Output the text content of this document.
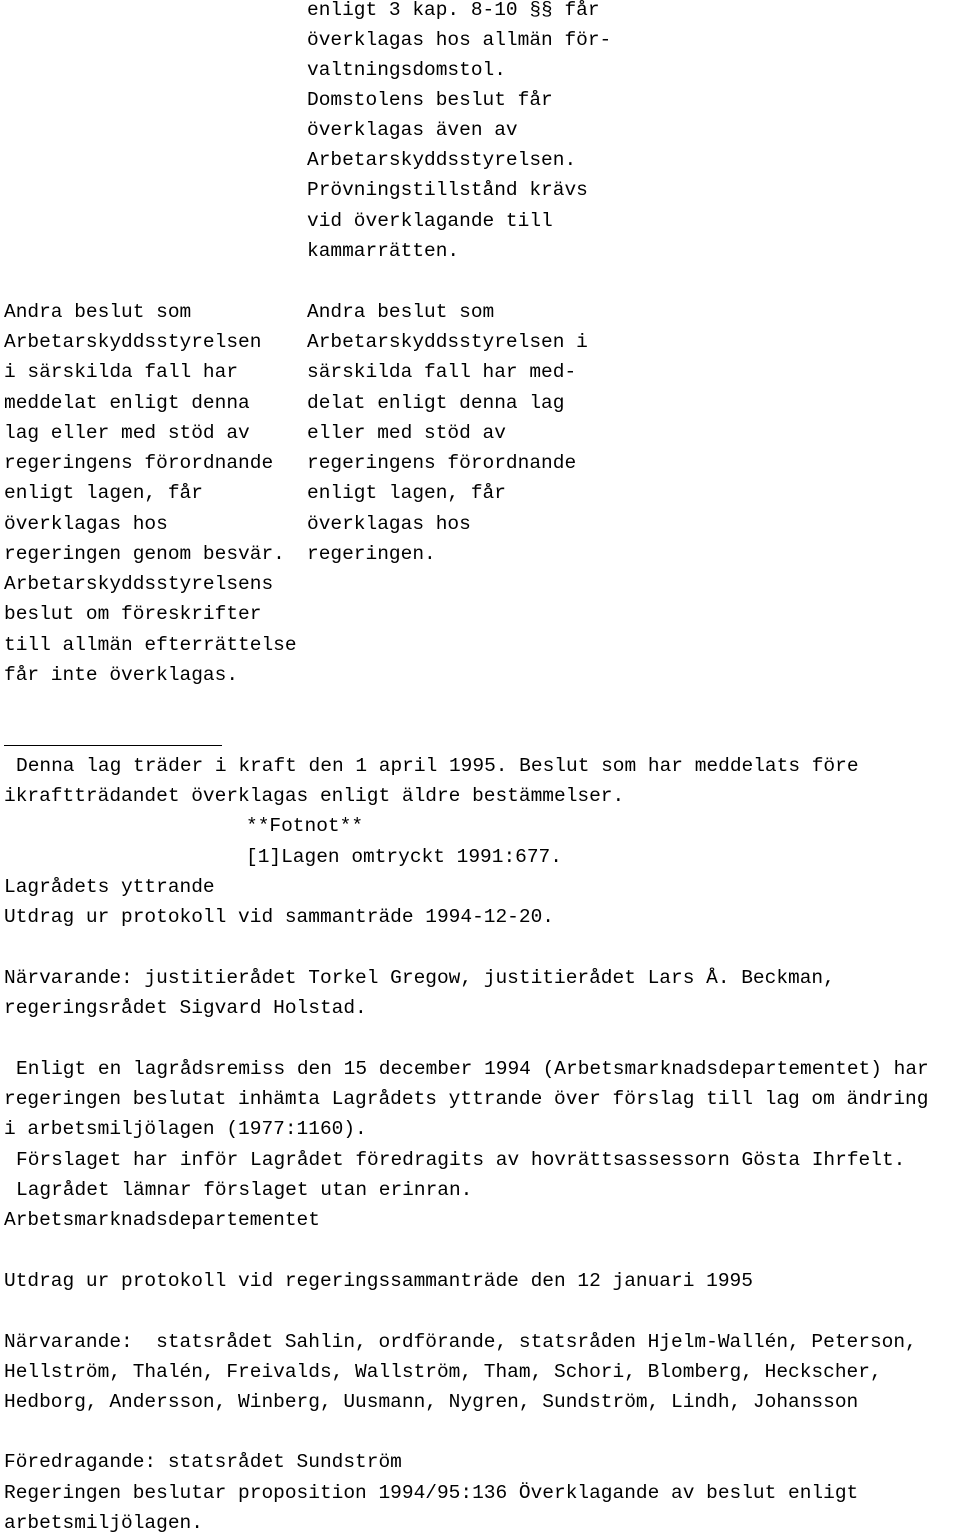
enligt 3 kap. 8-10 §§ får
överklagas hos allmän för-
valtningsdomstol.
Domstolens beslut får
överklagas även av
Arbetarskyddsstyrelsen.
Prövningstillstånd krävs
vid överklagande till
kammarrätten.
Andra beslut som
Arbetarskyddsstyrelsen
i särskilda fall har
meddelat enligt denna
lag eller med stöd av
regeringens förordnande
enligt lagen, får
överklagas hos
regeringen genom besvär.
Arbetarskyddsstyrelsens
beslut om föreskrifter
till allmän efterrättelse
får inte överklagas.
Andra beslut som
Arbetarskyddsstyrelsen i
särskilda fall har med-
delat enligt denna lag
eller med stöd av
regeringens förordnande
enligt lagen, får
överklagas hos
regeringen.
Denna lag träder i kraft den 1 april 1995. Beslut som har meddelats före
ikraftträdandet överklagas enligt äldre bestämmelser.
**Fotnot**
[1]Lagen omtryckt 1991:677.
Lagrådets yttrande
Utdrag ur protokoll vid sammanträde 1994-12-20.
Närvarande: justitierådet Torkel Gregow, justitierådet Lars Å. Beckman,
regeringsrådet Sigvard Holstad.
Enligt en lagrådsremiss den 15 december 1994 (Arbetsmarknadsdepartementet) har
regeringen beslutat inhämta Lagrådets yttrande över förslag till lag om ändring
i arbetsmiljölagen (1977:1160).
Förslaget har inför Lagrådet föredragits av hovrättsassessorn Gösta Ihrfelt.
Lagrådet lämnar förslaget utan erinran.
Arbetsmarknadsdepartementet
Utdrag ur protokoll vid regeringssammanträde den 12 januari 1995
Närvarande:  statsrådet Sahlin, ordförande, statsråden Hjelm-Wallén, Peterson,
Hellström, Thalén, Freivalds, Wallström, Tham, Schori, Blomberg, Heckscher,
Hedborg, Andersson, Winberg, Uusmann, Nygren, Sundström, Lindh, Johansson
Föredragande: statsrådet Sundström
Regeringen beslutar proposition 1994/95:136 Överklagande av beslut enligt
arbetsmiljölagen.
